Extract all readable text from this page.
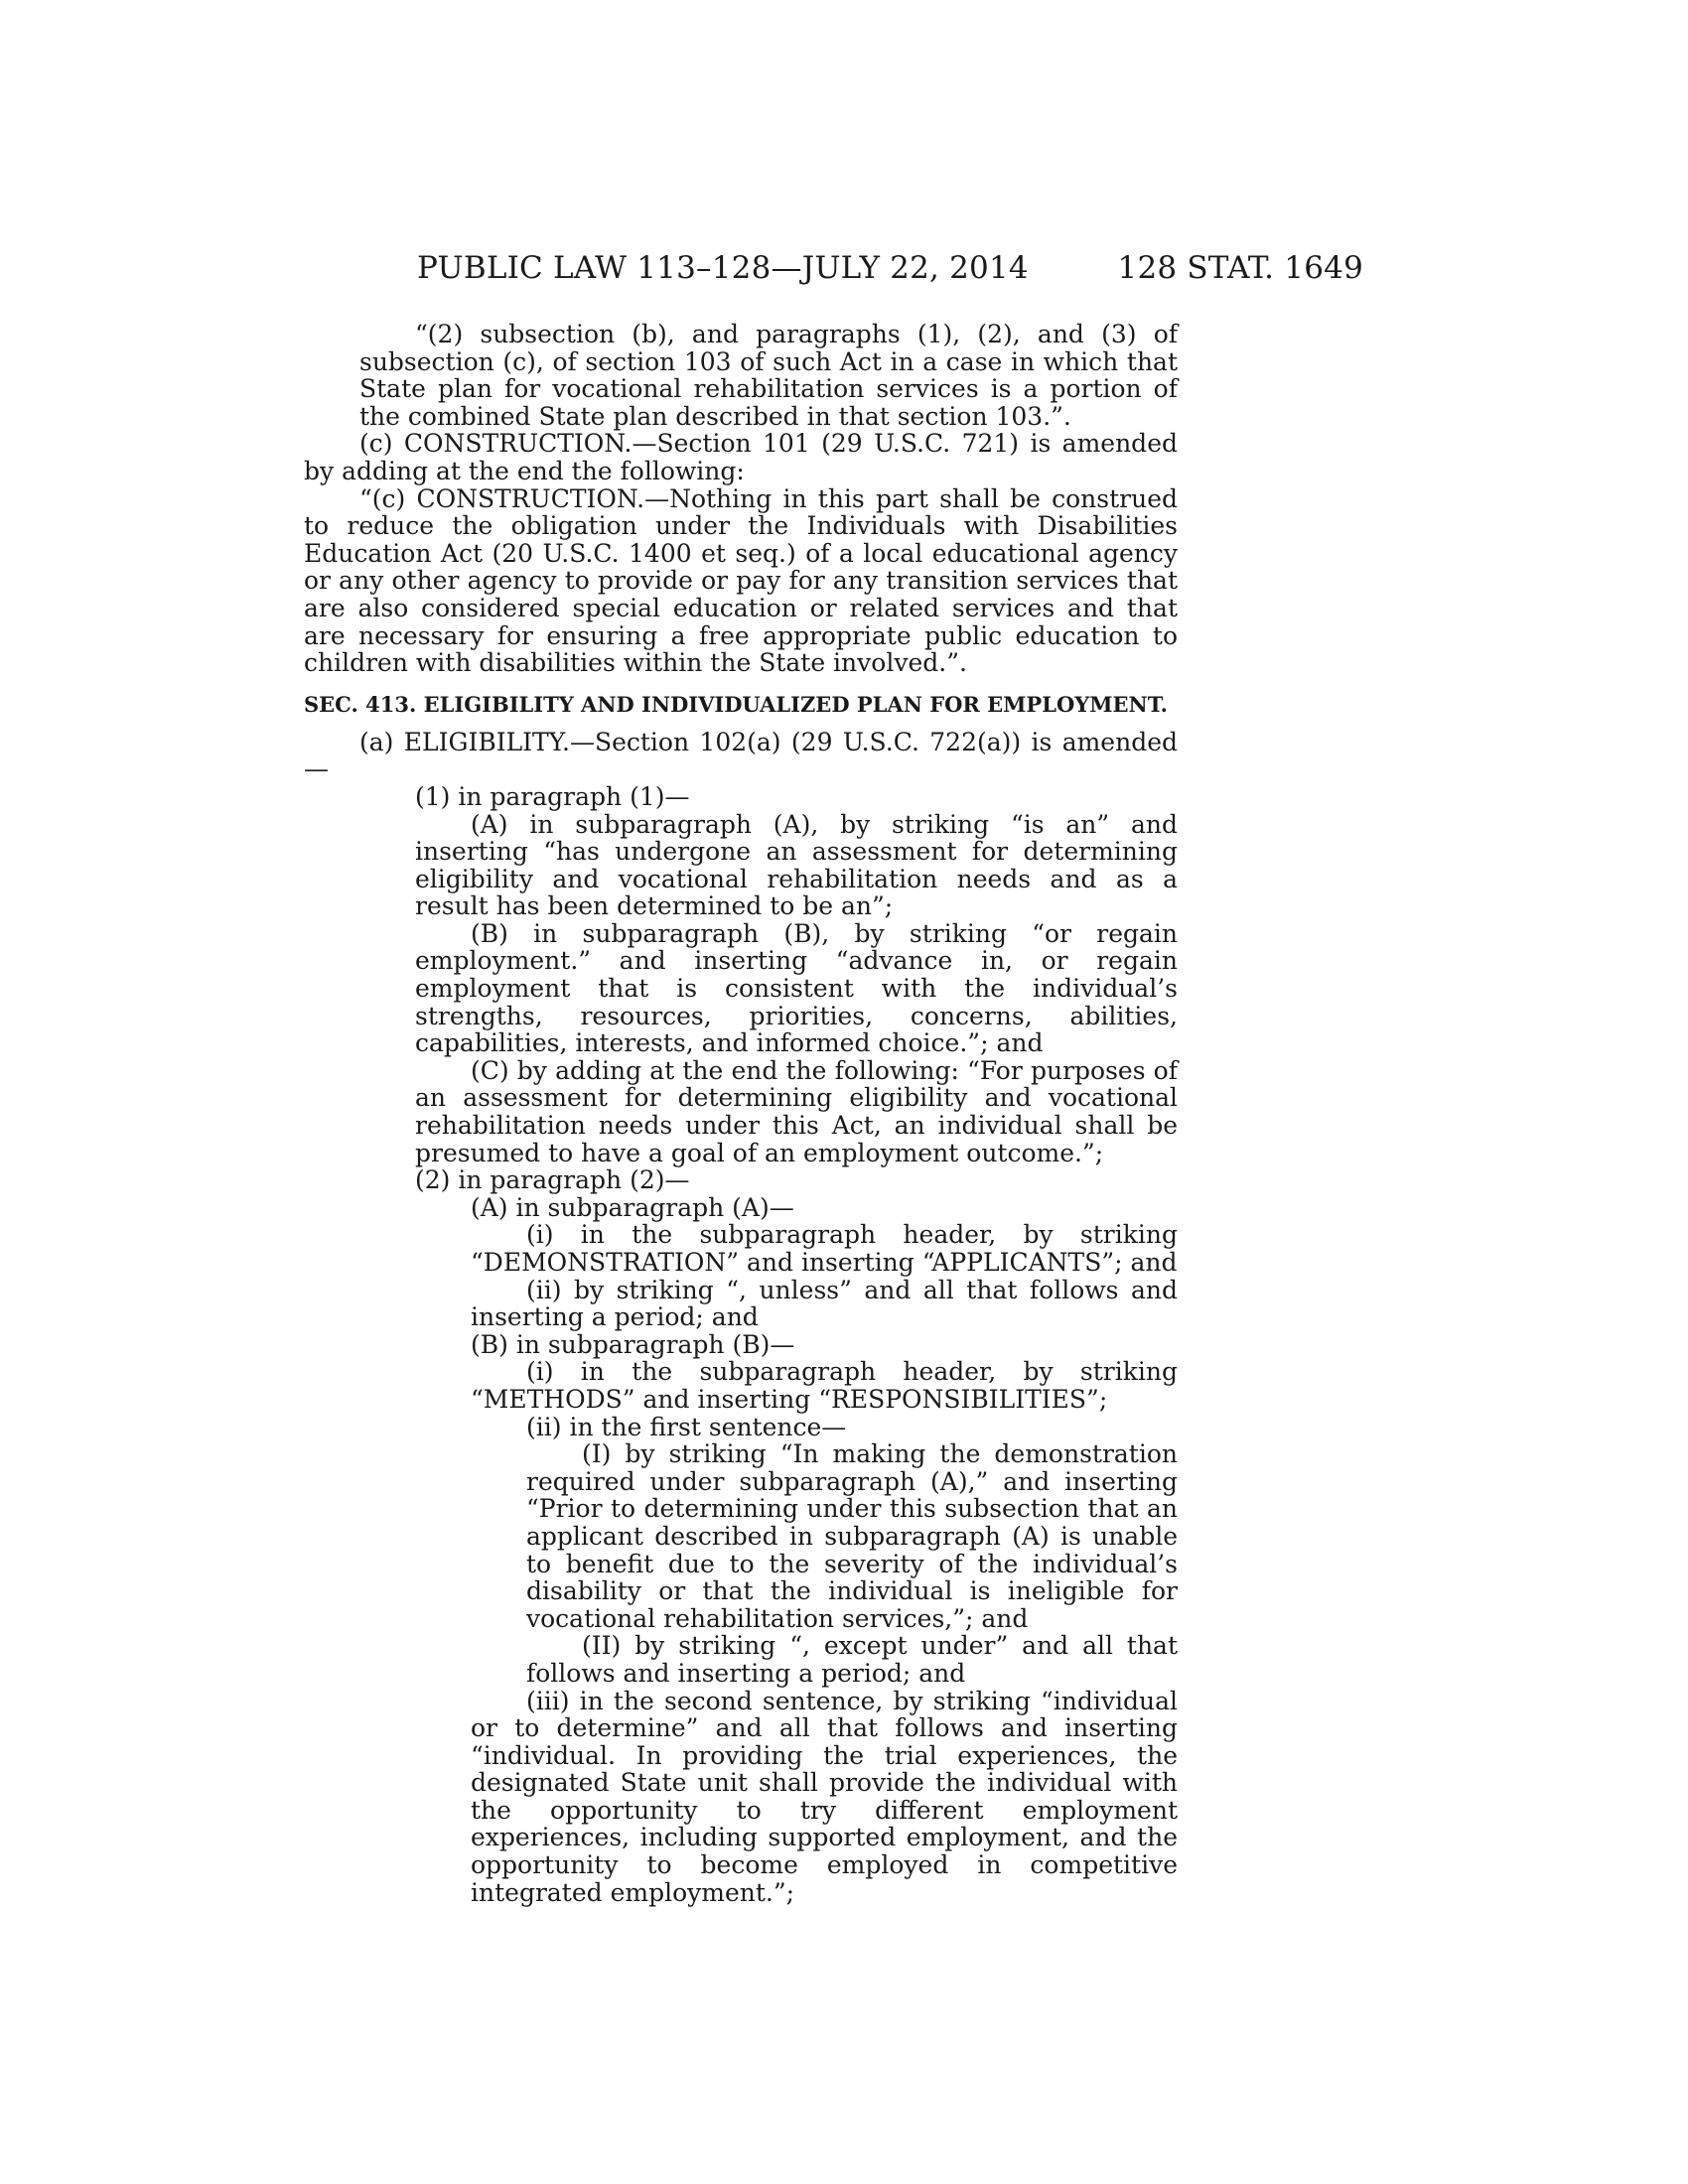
PUBLIC LAW 113–128—JULY 22, 2014	128 STAT. 1649

“(2) subsection (b), and paragraphs (1), (2), and (3) of subsection (c), of section 103 of such Act in a case in which that State plan for vocational rehabilitation services is a portion of the combined State plan described in that section 103.”.

(c) CONSTRUCTION.—Section 101 (29 U.S.C. 721) is amended by adding at the end the following:

“(c) CONSTRUCTION.—Nothing in this part shall be construed to reduce the obligation under the Individuals with Disabilities Education Act (20 U.S.C. 1400 et seq.) of a local educational agency or any other agency to provide or pay for any transition services that are also considered special education or related services and that are necessary for ensuring a free appropriate public education to children with disabilities within the State involved.”.

SEC. 413. ELIGIBILITY AND INDIVIDUALIZED PLAN FOR EMPLOYMENT.

(a) ELIGIBILITY.—Section 102(a) (29 U.S.C. 722(a)) is amended—

(1) in paragraph (1)—

(A) in subparagraph (A), by striking “is an” and inserting “has undergone an assessment for determining eligibility and vocational rehabilitation needs and as a result has been determined to be an”;

(B) in subparagraph (B), by striking “or regain employment.” and inserting “advance in, or regain employment that is consistent with the individual’s strengths, resources, priorities, concerns, abilities, capabilities, interests, and informed choice.”; and

(C) by adding at the end the following: “For purposes of an assessment for determining eligibility and vocational rehabilitation needs under this Act, an individual shall be presumed to have a goal of an employment outcome.”;

(2) in paragraph (2)—

(A) in subparagraph (A)—

(i) in the subparagraph header, by striking “DEMONSTRATION” and inserting “APPLICANTS”; and

(ii) by striking “, unless” and all that follows and inserting a period; and

(B) in subparagraph (B)—

(i) in the subparagraph header, by striking “METHODS” and inserting “RESPONSIBILITIES”;

(ii) in the first sentence—

(I) by striking “In making the demonstration required under subparagraph (A),” and inserting “Prior to determining under this subsection that an applicant described in subparagraph (A) is unable to benefit due to the severity of the individual’s disability or that the individual is ineligible for vocational rehabilitation services,”; and

(II) by striking “, except under” and all that follows and inserting a period; and

(iii) in the second sentence, by striking “individual or to determine” and all that follows and inserting “individual. In providing the trial experiences, the designated State unit shall provide the individual with the opportunity to try different employment experiences, including supported employment, and the opportunity to become employed in competitive integrated employment.”;
